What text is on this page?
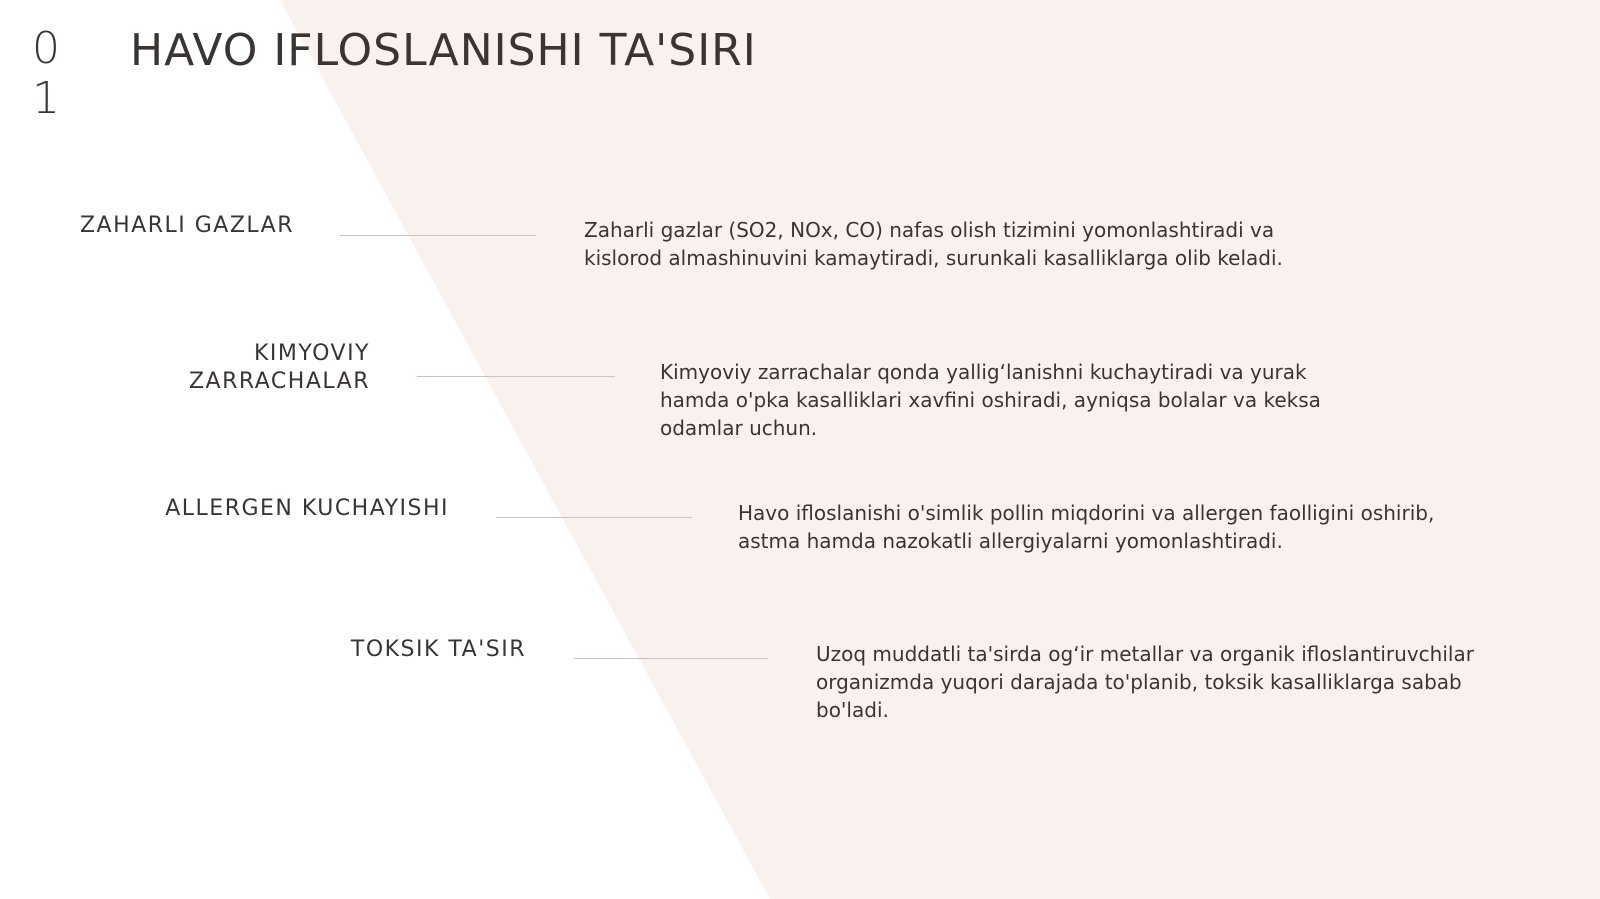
0
1
HAVO IFLOSLANISHI TA'SIRI
ZAHARLI GAZLAR	Zaharli gazlar (SO2, NOx, CO) nafas olish tizimini yomonlashtiradi va kislorod almashinuvini kamaytiradi, surunkali kasalliklarga olib keladi.

KIMYOVIY ZARRACHALAR	Kimyoviy zarrachalar qonda yallig‘lanishni kuchaytiradi va yurak hamda o'pka kasalliklari xavfini oshiradi, ayniqsa bolalar va keksa odamlar uchun.

ALLERGEN KUCHAYISHI	Havo ifloslanishi o'simlik pollin miqdorini va allergen faolligini oshirib, astma hamda nazokatli allergiyalarni yomonlashtiradi.

TOKSIK TA'SIR	Uzoq muddatli ta'sirda og‘ir metallar va organik ifloslantiruvchilar organizmda yuqori darajada to'planib, toksik kasalliklarga sabab bo'ladi.
